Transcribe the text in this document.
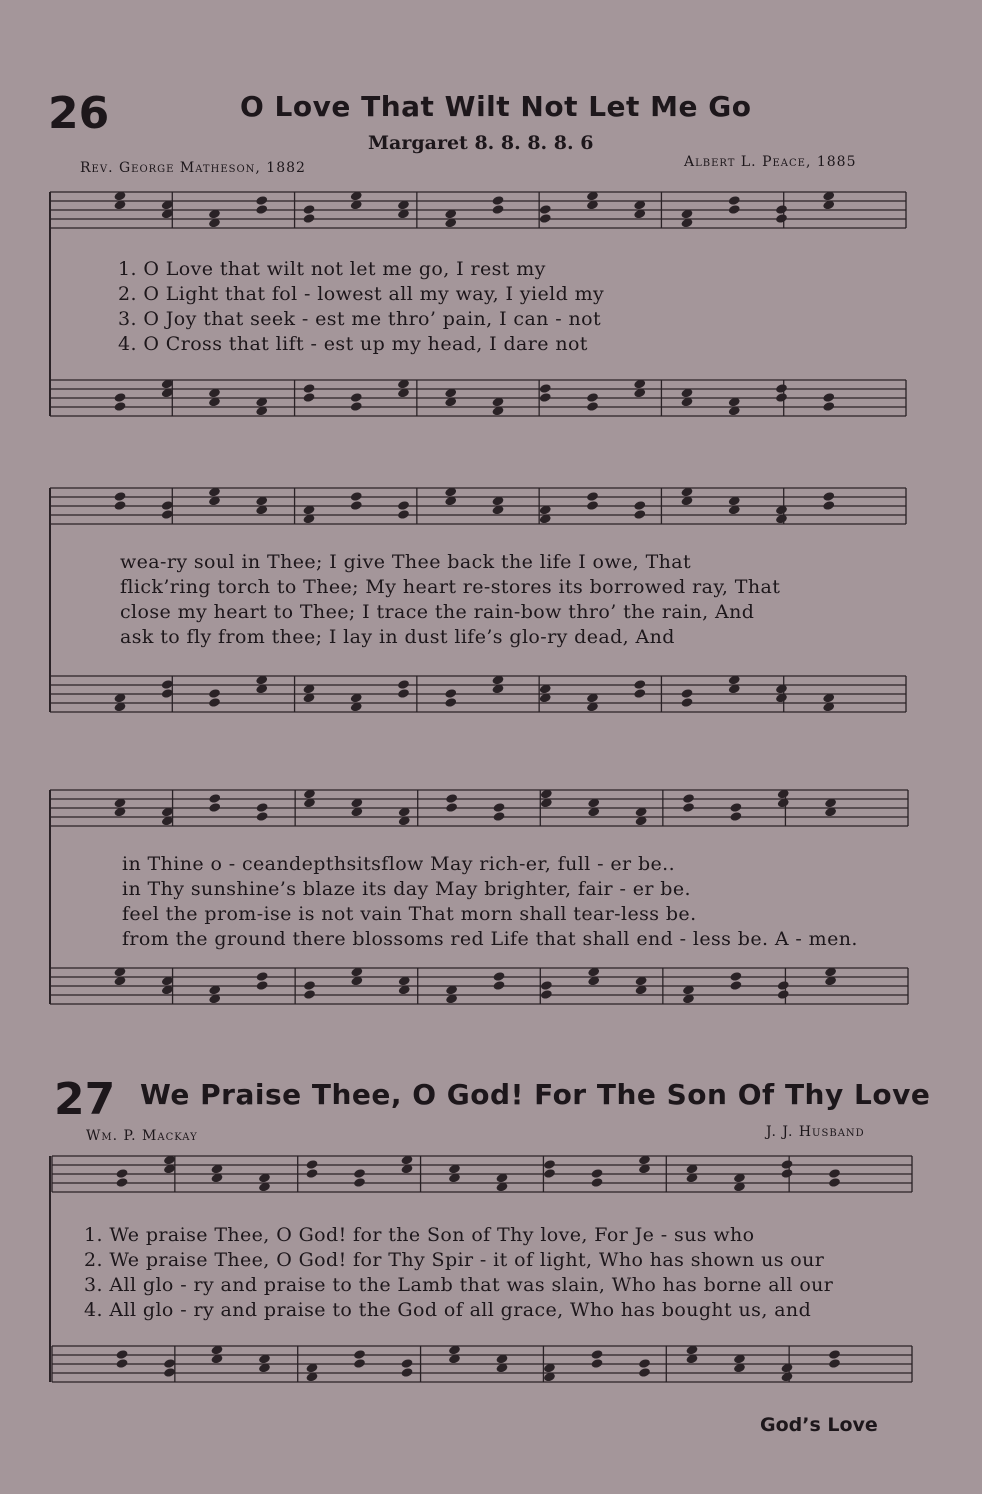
26	O Love That Wilt Not Let Me Go
Margaret 8. 8. 8. 8. 6
Rev. George Matheson, 1882	Albert L. Peace, 1885
1. O Love that wilt not let me go, I rest my
2. O Light that fol - lowest all my way, I yield my
3. O Joy that seek - est me thro’ pain, I can - not
4. O Cross that lift - est up my head, I dare not
wea-ry soul in Thee; I give Thee back the life I owe, That
flick’ring torch to Thee; My heart re-stores its borrowed ray, That
close my heart to Thee; I trace the rain-bow thro’ the rain, And
ask to fly from thee; I lay in dust life’s glo-ry dead, And
in Thine o - ceandepthsitsflow May rich-er, full - er be..
in Thy sunshine’s blaze its day May brighter, fair - er be.
feel the prom-ise is not vain That morn shall tear-less be.
from the ground there blossoms red Life that shall end - less be. A - men.
27 We Praise Thee, O God! For The Son Of Thy Love
Wm. P. Mackay	J. J. Husband
1. We praise Thee, O God! for the Son of Thy love, For Je - sus who
2. We praise Thee, O God! for Thy Spir - it of light, Who has shown us our
3. All glo - ry and praise to the Lamb that was slain, Who has borne all our
4. All glo - ry and praise to the God of all grace, Who has bought us, and
God’s Love
